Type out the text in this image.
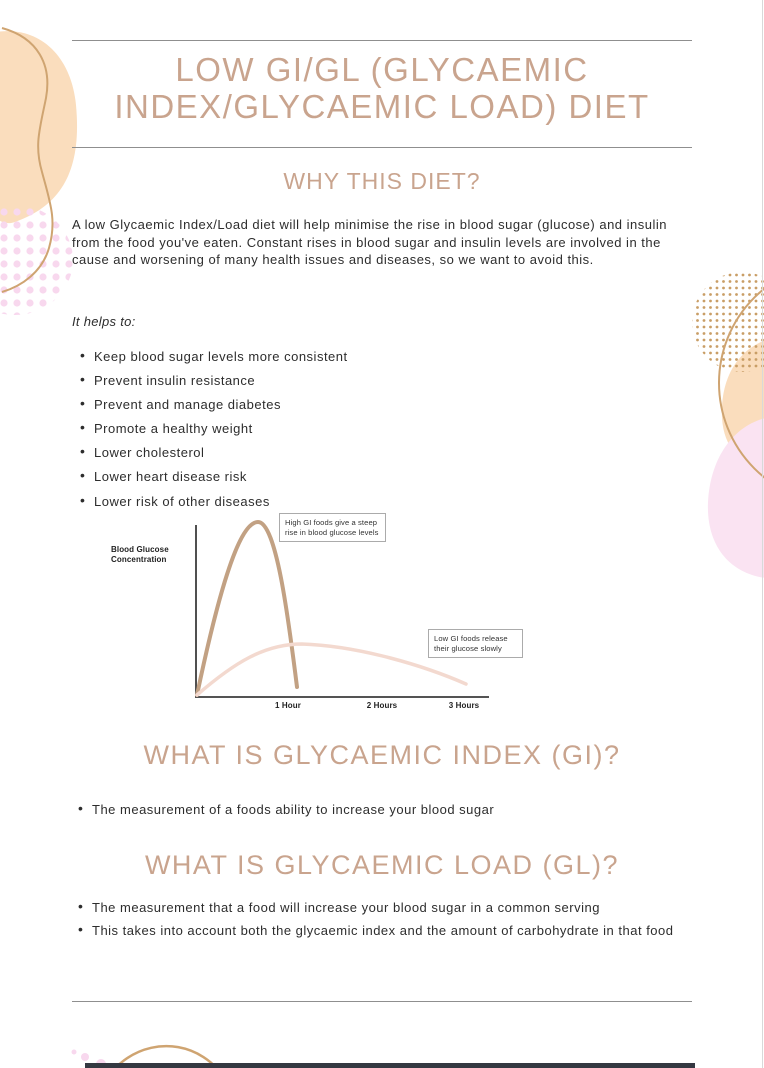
LOW GI/GL (GLYCAEMIC
INDEX/GLYCAEMIC LOAD) DIET
WHY THIS DIET?
A low Glycaemic Index/Load diet will help minimise the rise in blood sugar (glucose) and insulin from the food you've eaten. Constant rises in blood sugar and insulin levels are involved in the cause and worsening of many health issues and diseases, so we want to avoid this.
It helps to:
• Keep blood sugar levels more consistent
• Prevent insulin resistance
• Prevent and manage diabetes
• Promote a healthy weight
• Lower cholesterol
• Lower heart disease risk
• Lower risk of other diseases
Blood Glucose Concentration
1 Hour	2 Hours	3 Hours
High GI foods give a steep rise in blood glucose levels
Low GI foods release their glucose slowly
WHAT IS GLYCAEMIC INDEX (GI)?
• The measurement of a foods ability to increase your blood sugar
WHAT IS GLYCAEMIC LOAD (GL)?
• The measurement that a food will increase your blood sugar in a common serving
• This takes into account both the glycaemic index and the amount of carbohydrate in that food
